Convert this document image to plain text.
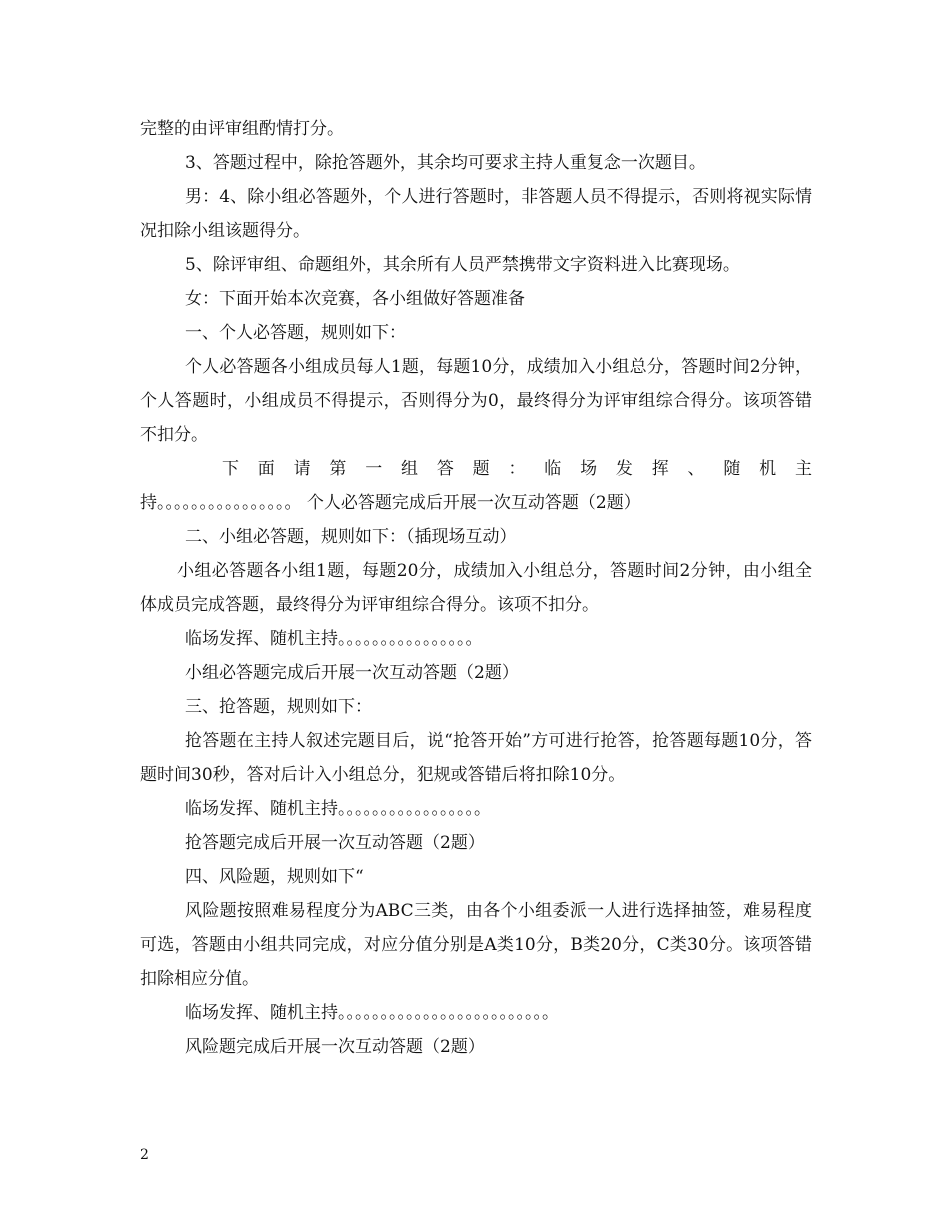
完整的由评审组酌情打分。

3、答题过程中，除抢答题外，其余均可要求主持人重复念一次题目。

男：4、除小组必答题外，个人进行答题时，非答题人员不得提示，否则将视实际情况扣除小组该题得分。

5、除评审组、命题组外，其余所有人员严禁携带文字资料进入比赛现场。

女：下面开始本次竞赛，各小组做好答题准备

一、个人必答题，规则如下：

个人必答题各小组成员每人1题，每题10分，成绩加入小组总分，答题时间2分钟，个人答题时，小组成员不得提示，否则得分为0，最终得分为评审组综合得分。该项答错不扣分。

下 面 请 第 一 组 答 题 ： 临 场 发 挥 、 随 机 主

持。。。。。。。。。。。。。。。。 个人必答题完成后开展一次互动答题（2题）

二、小组必答题，规则如下：（插现场互动）

小组必答题各小组1题，每题20分，成绩加入小组总分，答题时间2分钟，由小组全体成员完成答题，最终得分为评审组综合得分。该项不扣分。

临场发挥、随机主持。。。。。。。。。。。。。。。。

小组必答题完成后开展一次互动答题（2题）

三、抢答题，规则如下：

抢答题在主持人叙述完题目后，说“抢答开始”方可进行抢答，抢答题每题10分，答题时间30秒，答对后计入小组总分，犯规或答错后将扣除10分。

临场发挥、随机主持。。。。。。。。。。。。。。。。。

抢答题完成后开展一次互动答题（2题）

四、风险题，规则如下“

风险题按照难易程度分为ABC三类，由各个小组委派一人进行选择抽签，难易程度可选，答题由小组共同完成，对应分值分别是A类10分，B类20分，C类30分。该项答错扣除相应分值。

临场发挥、随机主持。。。。。。。。。。。。。。。。。。。。。。。。。

风险题完成后开展一次互动答题（2题）

2
